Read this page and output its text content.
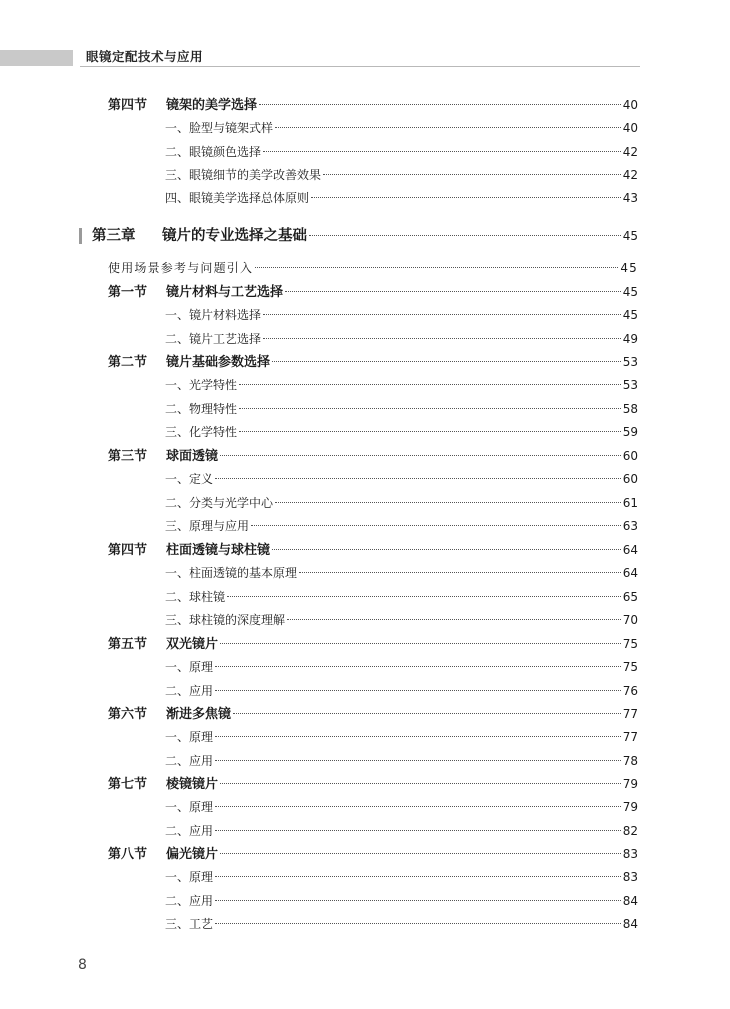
眼镜定配技术与应用
第四节 镜架的美学选择	40
一、脸型与镜架式样	40
二、眼镜颜色选择	42
三、眼镜细节的美学改善效果	42
四、眼镜美学选择总体原则	43
第三章 镜片的专业选择之基础	45
使用场景参考与问题引入	45
第一节 镜片材料与工艺选择	45
一、镜片材料选择	45
二、镜片工艺选择	49
第二节 镜片基础参数选择	53
一、光学特性	53
二、物理特性	58
三、化学特性	59
第三节 球面透镜	60
一、定义	60
二、分类与光学中心	61
三、原理与应用	63
第四节 柱面透镜与球柱镜	64
一、柱面透镜的基本原理	64
二、球柱镜	65
三、球柱镜的深度理解	70
第五节 双光镜片	75
一、原理	75
二、应用	76
第六节 渐进多焦镜	77
一、原理	77
二、应用	78
第七节 棱镜镜片	79
一、原理	79
二、应用	82
第八节 偏光镜片	83
一、原理	83
二、应用	84
三、工艺	84
8
